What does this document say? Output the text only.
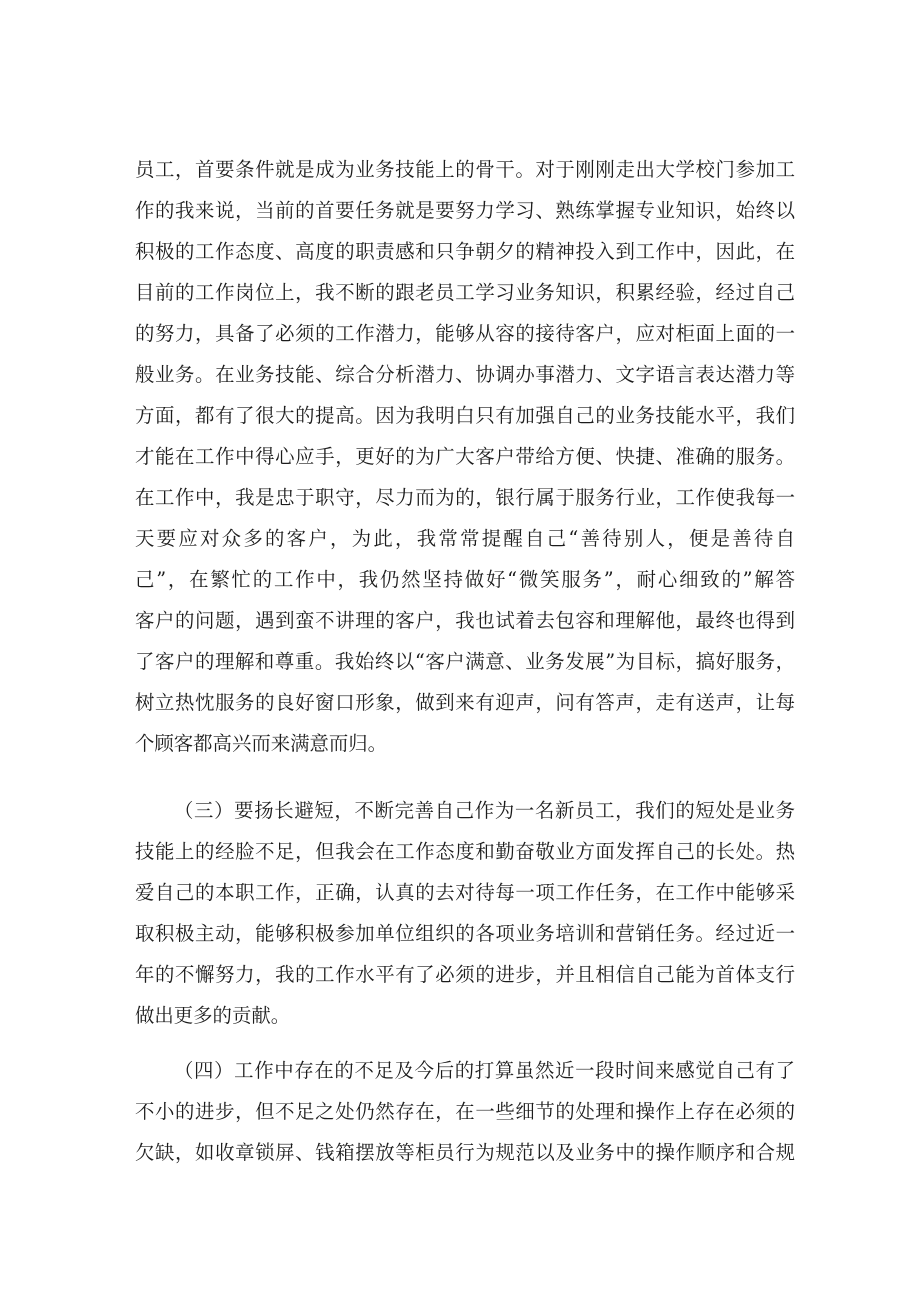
员工，首要条件就是成为业务技能上的骨干。对于刚刚走出大学校门参加工
作的我来说，当前的首要任务就是要努力学习、熟练掌握专业知识，始终以
积极的工作态度、高度的职责感和只争朝夕的精神投入到工作中，因此，在
目前的工作岗位上，我不断的跟老员工学习业务知识，积累经验，经过自己
的努力，具备了必须的工作潜力，能够从容的接待客户，应对柜面上面的一
般业务。在业务技能、综合分析潜力、协调办事潜力、文字语言表达潜力等
方面，都有了很大的提高。因为我明白只有加强自己的业务技能水平，我们
才能在工作中得心应手，更好的为广大客户带给方便、快捷、准确的服务。
在工作中，我是忠于职守，尽力而为的，银行属于服务行业，工作使我每一
天要应对众多的客户，为此，我常常提醒自己“善待别人，便是善待自
己”，在繁忙的工作中，我仍然坚持做好“微笑服务”，耐心细致的”解答
客户的问题，遇到蛮不讲理的客户，我也试着去包容和理解他，最终也得到
了客户的理解和尊重。我始终以“客户满意、业务发展”为目标，搞好服务，
树立热忱服务的良好窗口形象，做到来有迎声，问有答声，走有送声，让每
个顾客都高兴而来满意而归。
（三）要扬长避短，不断完善自己作为一名新员工，我们的短处是业务
技能上的经脸不足，但我会在工作态度和勤奋敬业方面发挥自己的长处。热
爱自己的本职工作，正确，认真的去对待每一项工作任务，在工作中能够采
取积极主动，能够积极参加单位组织的各项业务培训和营销任务。经过近一
年的不懈努力，我的工作水平有了必须的进步，并且相信自己能为首体支行
做出更多的贡献。
（四）工作中存在的不足及今后的打算虽然近一段时间来感觉自己有了
不小的进步，但不足之处仍然存在，在一些细节的处理和操作上存在必须的
欠缺，如收章锁屏、钱箱摆放等柜员行为规范以及业务中的操作顺序和合规
